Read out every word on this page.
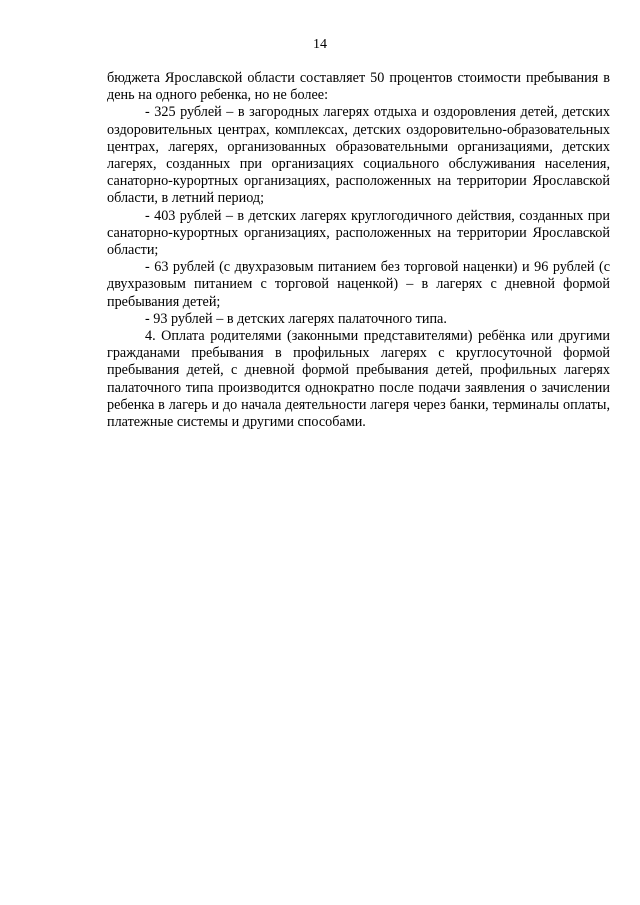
14

бюджета Ярославской области составляет 50 процентов стоимости пребывания в день на одного ребенка, но не более:

- 325 рублей – в загородных лагерях отдыха и оздоровления детей, детских оздоровительных центрах, комплексах, детских оздоровительно-образовательных центрах, лагерях, организованных образовательными организациями, детских лагерях, созданных при организациях социального обслуживания населения, санаторно-курортных организациях, расположенных на территории Ярославской области, в летний период;

- 403 рублей – в детских лагерях круглогодичного действия, созданных при санаторно-курортных организациях, расположенных на территории Ярославской области;

- 63 рублей (с двухразовым питанием без торговой наценки) и 96 рублей (с двухразовым питанием с торговой наценкой) – в лагерях с дневной формой пребывания детей;

- 93 рублей – в детских лагерях палаточного типа.

4. Оплата родителями (законными представителями) ребёнка или другими гражданами пребывания в профильных лагерях с круглосуточной формой пребывания детей, с дневной формой пребывания детей, профильных лагерях палаточного типа производится однократно после подачи заявления о зачислении ребенка в лагерь и до начала деятельности лагеря через банки, терминалы оплаты, платежные системы и другими способами.
